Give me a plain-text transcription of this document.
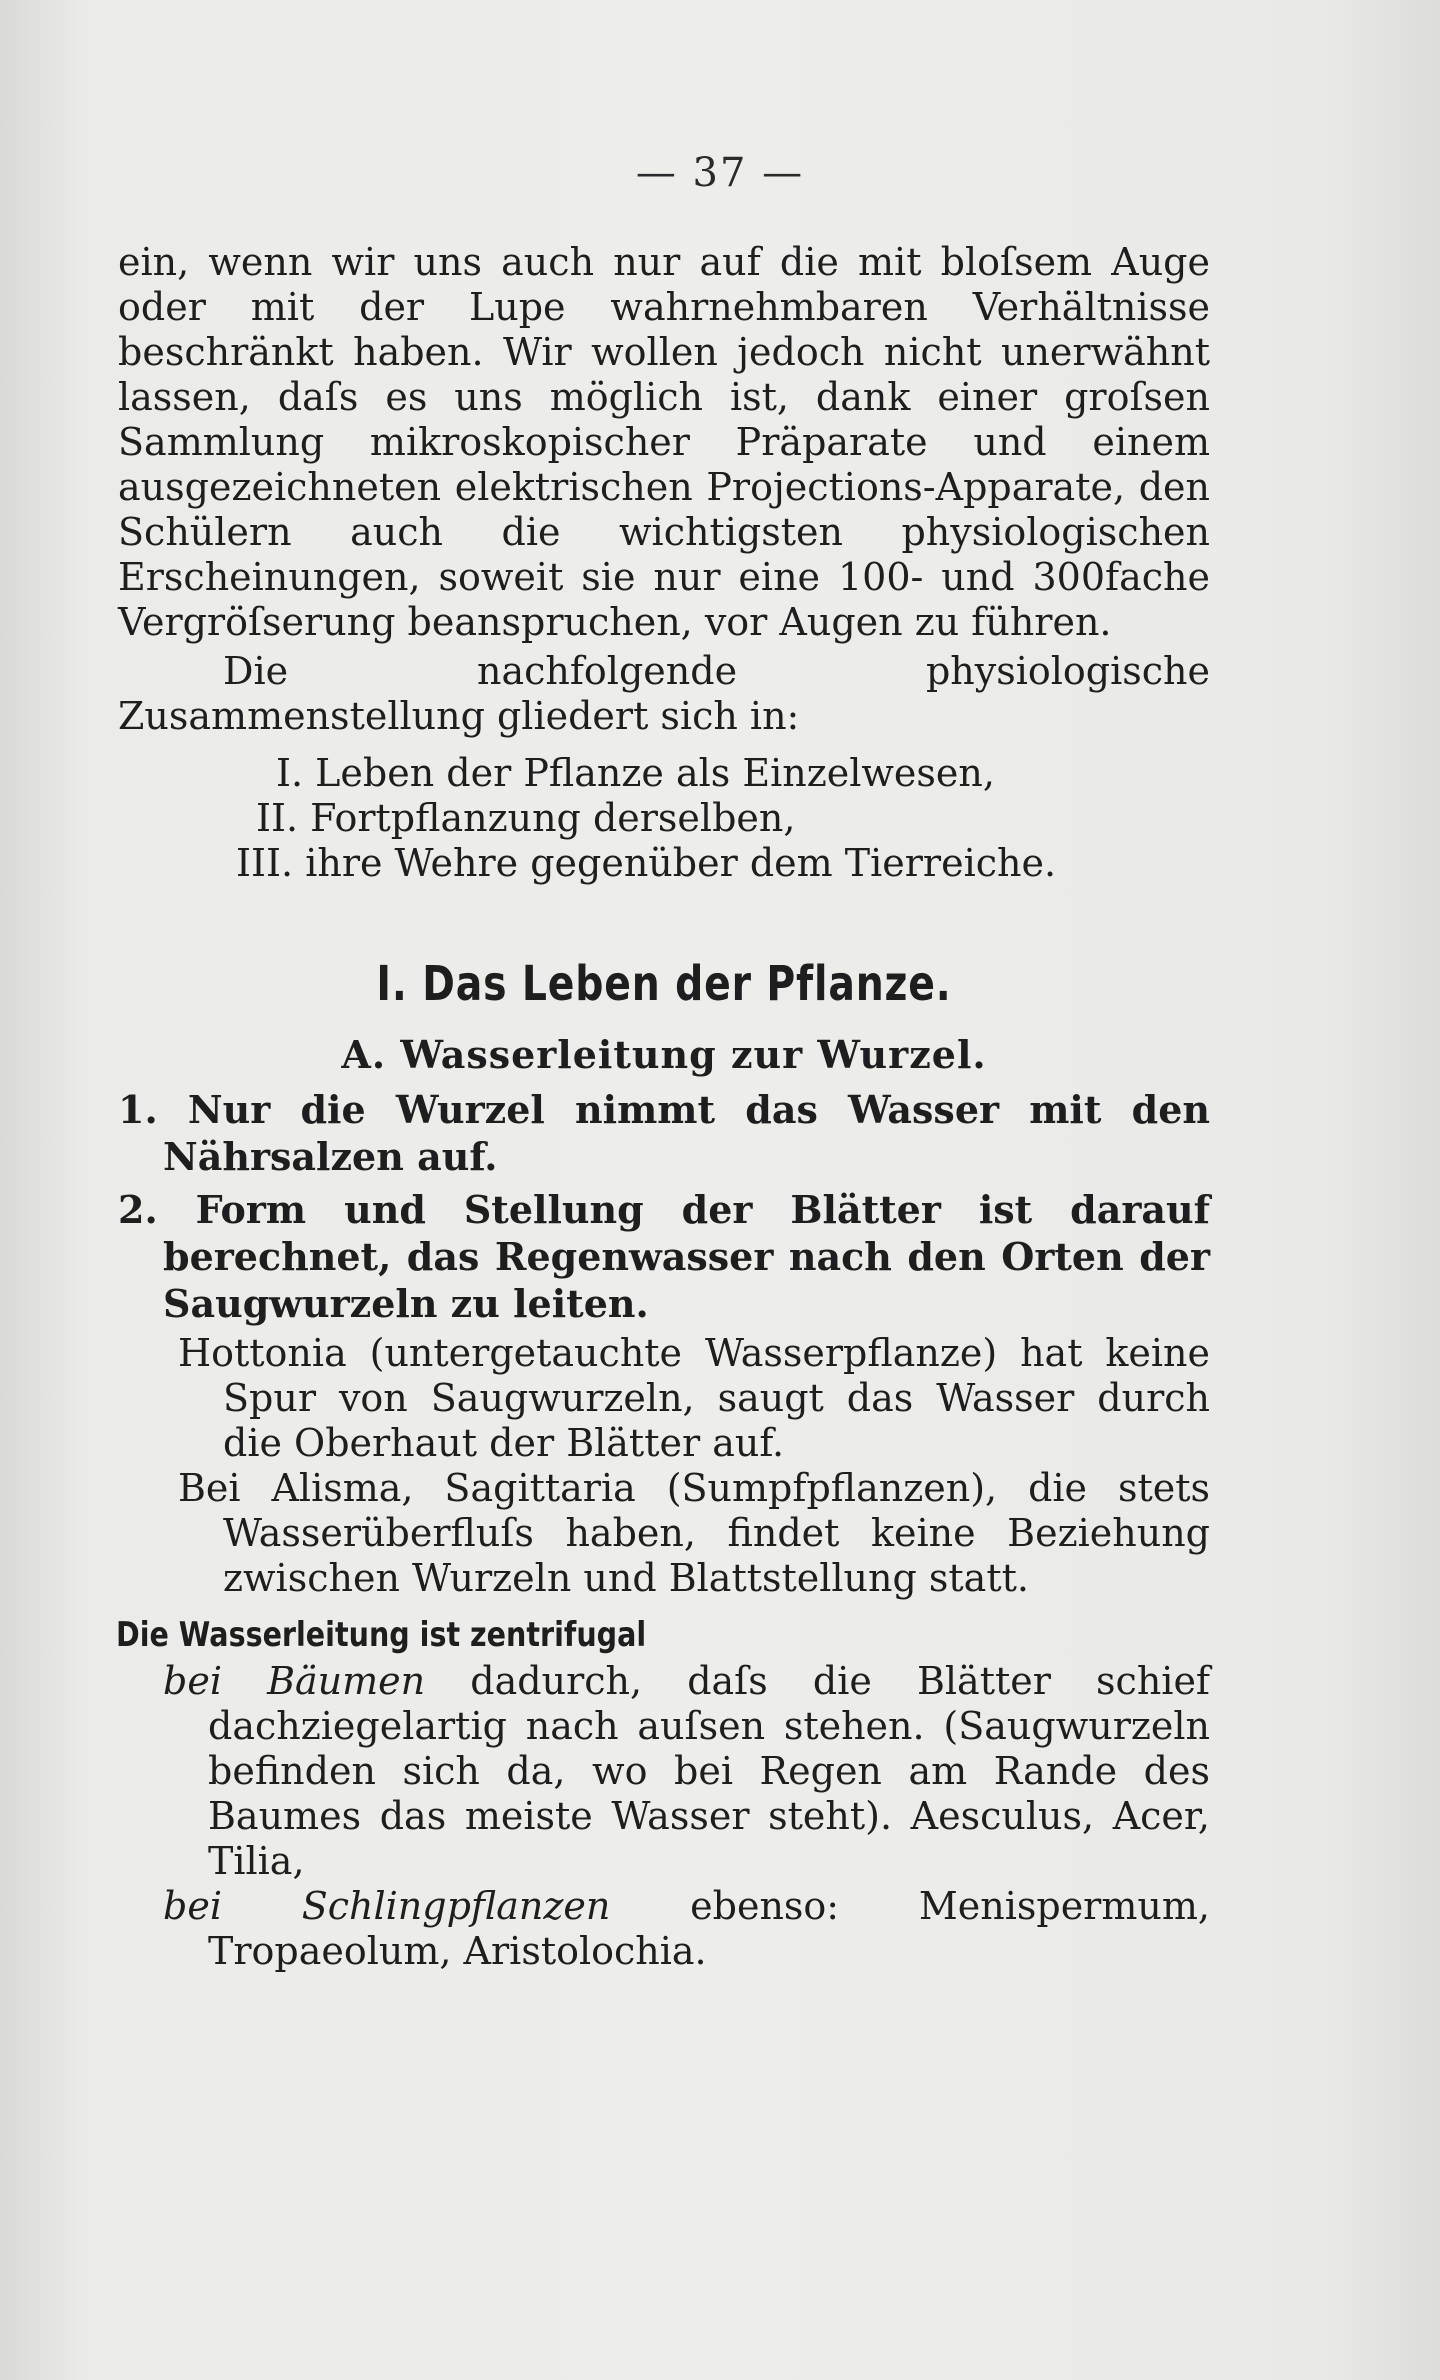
— 37 —

ein, wenn wir uns auch nur auf die mit bloſsem Auge oder mit der Lupe wahrnehmbaren Verhältnisse beschränkt haben. Wir wollen jedoch nicht unerwähnt lassen, daſs es uns möglich ist, dank einer groſsen Sammlung mikroskopischer Präparate und einem ausgezeichneten elektrischen Projections-Apparate, den Schülern auch die wichtigsten physiologischen Erscheinungen, soweit sie nur eine 100- und 300fache Vergröſserung beanspruchen, vor Augen zu führen.

Die nachfolgende physiologische Zusammenstellung gliedert sich in:

I. Leben der Pflanze als Einzelwesen,
II. Fortpflanzung derselben,
III. ihre Wehre gegenüber dem Tierreiche.
I. Das Leben der Pflanze.
A. Wasserleitung zur Wurzel.

1. Nur die Wurzel nimmt das Wasser mit den Nährsalzen auf.

2. Form und Stellung der Blätter ist darauf berechnet, das Regenwasser nach den Orten der Saugwurzeln zu leiten.

Hottonia (untergetauchte Wasserpflanze) hat keine Spur von Saugwurzeln, saugt das Wasser durch die Oberhaut der Blätter auf.

Bei Alisma, Sagittaria (Sumpfpflanzen), die stets Wasserüberfluſs haben, findet keine Beziehung zwischen Wurzeln und Blattstellung statt.

Die Wasserleitung ist zentrifugal

bei Bäumen dadurch, daſs die Blätter schief dachziegelartig nach auſsen stehen. (Saugwurzeln befinden sich da, wo bei Regen am Rande des Baumes das meiste Wasser steht). Aesculus, Acer, Tilia,

bei Schlingpflanzen ebenso: Menispermum, Tropaeolum, Aristolochia.
